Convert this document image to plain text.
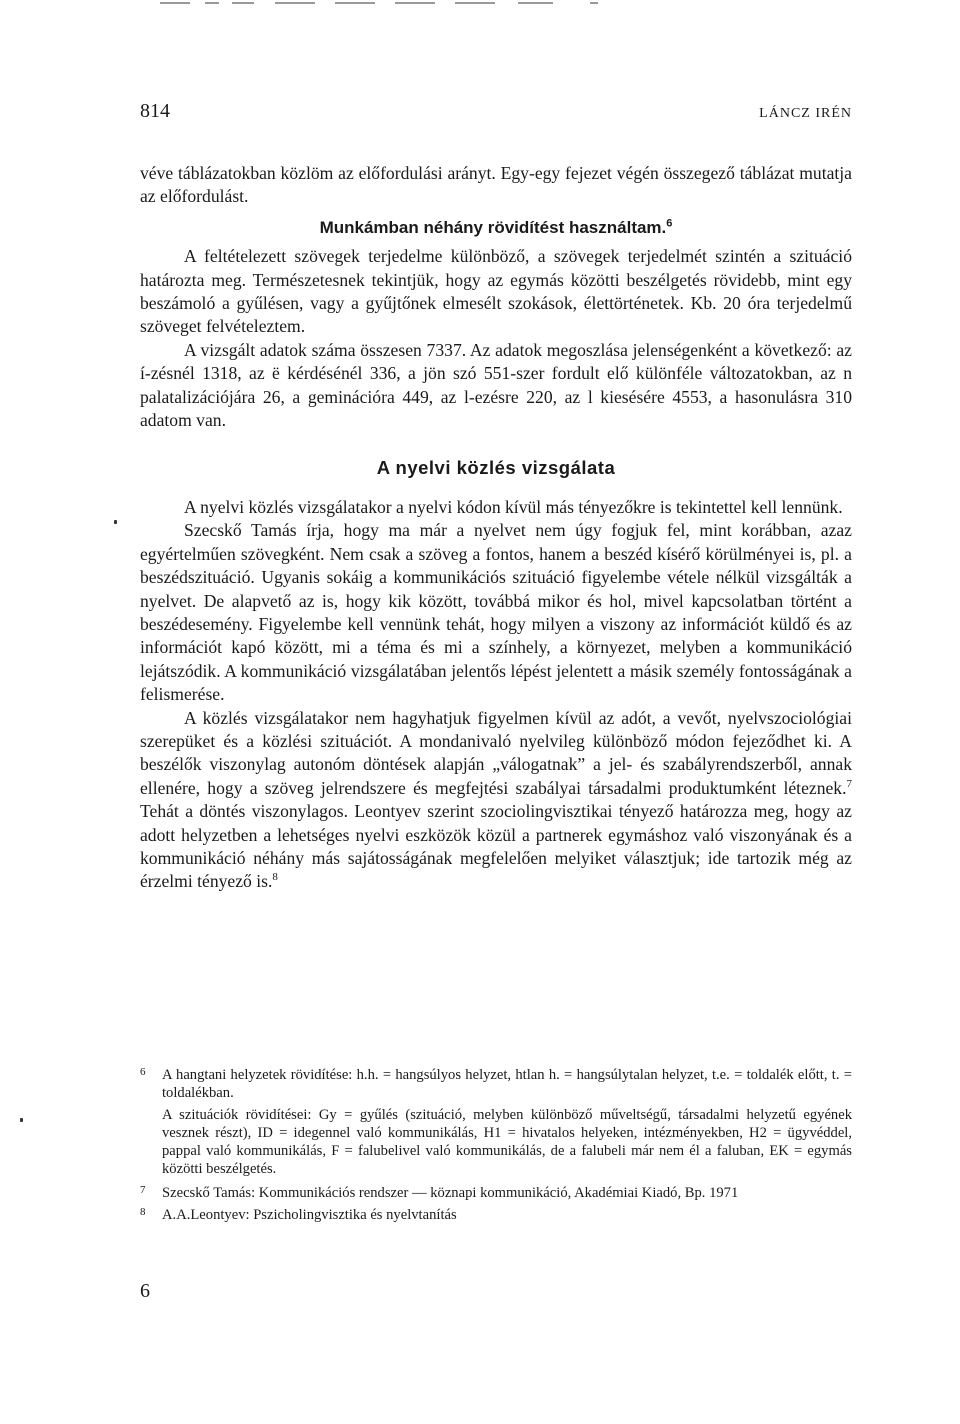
814	LÁNCZ IRÉN

véve táblázatokban közlöm az előfordulási arányt. Egy-egy fejezet végén összegező táblázat mutatja az előfordulást.

Munkámban néhány rövidítést használtam.$^6$

A feltételezett szövegek terjedelme különböző, a szövegek terjedelmét szintén a szituáció határozta meg. Természetesnek tekintjük, hogy az egymás közötti beszélgetés rövidebb, mint egy beszámoló a gyűlésen, vagy a gyűjtőnek elmesélt szokások, élettörténetek. Kb. 20 óra terjedelmű szöveget felvételeztem.

A vizsgált adatok száma összesen 7337. Az adatok megoszlása jelenségenként a következő: az í-zésnél 1318, az ë kérdésénél 336, a jön szó 551-szer fordult elő különféle változatokban, az n palatalizációjára 26, a geminációra 449, az l-ezésre 220, az l kiesésére 4553, a hasonulásra 310 adatom van.

A nyelvi közlés vizsgálata

A nyelvi közlés vizsgálatakor a nyelvi kódon kívül más tényezőkre is tekintettel kell lennünk.

Szecskő Tamás írja, hogy ma már a nyelvet nem úgy fogjuk fel, mint korábban, azaz egyértelműen szövegként. Nem csak a szöveg a fontos, hanem a beszéd kísérő körülményei is, pl. a beszédszituáció. Ugyanis sokáig a kommunikációs szituáció figyelembe vétele nélkül vizsgálták a nyelvet. De alapvető az is, hogy kik között, továbbá mikor és hol, mivel kapcsolatban történt a beszédesemény. Figyelembe kell vennünk tehát, hogy milyen a viszony az információt küldő és az információt kapó között, mi a téma és mi a színhely, a környezet, melyben a kommunikáció lejátszódik. A kommunikáció vizsgálatában jelentős lépést jelentett a másik személy fontosságának a felismerése.

A közlés vizsgálatakor nem hagyhatjuk figyelmen kívül az adót, a vevőt, nyelvszociológiai szerepüket és a közlési szituációt. A mondanivaló nyelvileg különböző módon fejeződhet ki. A beszélők viszonylag autonóm döntések alapján „válogatnak” a jel- és szabályrendszerből, annak ellenére, hogy a szöveg jelrendszere és megfejtési szabályai társadalmi produktumként léteznek.$^7$ Tehát a döntés viszonylagos. Leontyev szerint szociolingvisztikai tényező határozza meg, hogy az adott helyzetben a lehetséges nyelvi eszközök közül a partnerek egymáshoz való viszonyának és a kommunikáció néhány más sajátosságának megfelelően melyiket választjuk; ide tartozik még az érzelmi tényező is.$^8$

6 A hangtani helyzetek rövidítése: h.h. = hangsúlyos helyzet, htlan h. = hangsúlytalan helyzet, t.e. = toldalék előtt, t. = toldalékban.

A szituációk rövidítései: Gy = gyűlés (szituáció, melyben különböző műveltségű, társadalmi helyzetű egyének vesznek részt), ID = idegennel való kommunikálás, H1 = hivatalos helyeken, intézményekben, H2 = ügyvéddel, pappal való kommunikálás, F = falubelivel való kommunikálás, de a falubeli már nem él a faluban, EK = egymás közötti beszélgetés.

7 Szecskő Tamás: Kommunikációs rendszer — köznapi kommunikáció, Akadémiai Kiadó, Bp. 1971

8 A.A.Leontyev: Pszicholingvisztika és nyelvtanítás

6
